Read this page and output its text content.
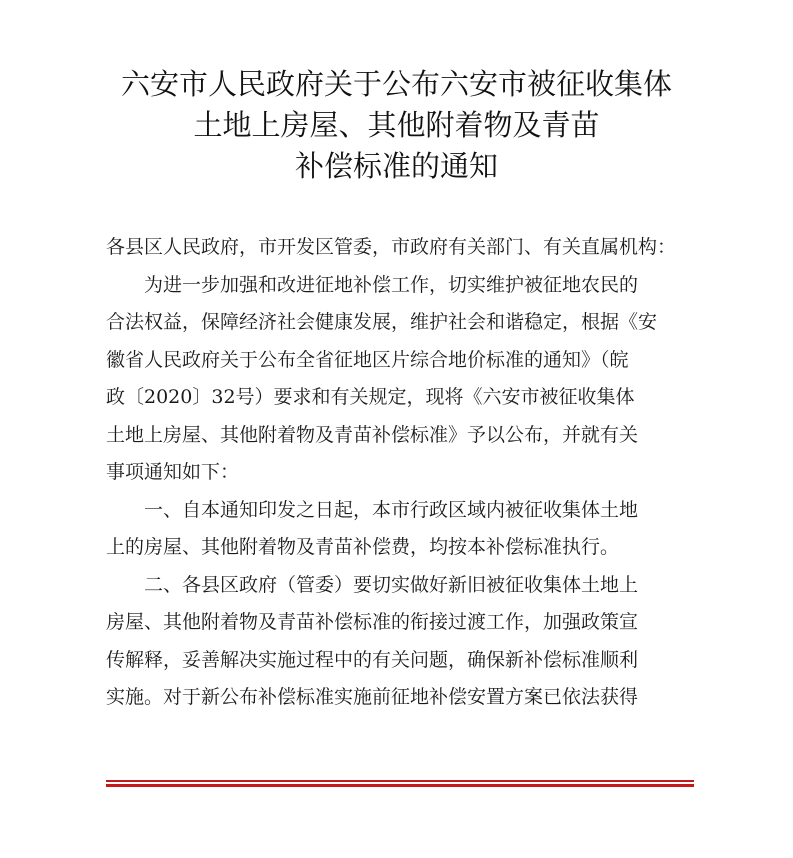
六安市人民政府关于公布六安市被征收集体
土地上房屋、其他附着物及青苗
补偿标准的通知
各县区人民政府，市开发区管委，市政府有关部门、有关直属机构：
　　为进一步加强和改进征地补偿工作，切实维护被征地农民的
合法权益，保障经济社会健康发展，维护社会和谐稳定，根据《安
徽省人民政府关于公布全省征地区片综合地价标准的通知》（皖
政〔2020〕32号）要求和有关规定，现将《六安市被征收集体
土地上房屋、其他附着物及青苗补偿标准》予以公布，并就有关
事项通知如下：
　　一、自本通知印发之日起，本市行政区域内被征收集体土地
上的房屋、其他附着物及青苗补偿费，均按本补偿标准执行。
　　二、各县区政府（管委）要切实做好新旧被征收集体土地上
房屋、其他附着物及青苗补偿标准的衔接过渡工作，加强政策宣
传解释，妥善解决实施过程中的有关问题，确保新补偿标准顺利
实施。对于新公布补偿标准实施前征地补偿安置方案已依法获得
